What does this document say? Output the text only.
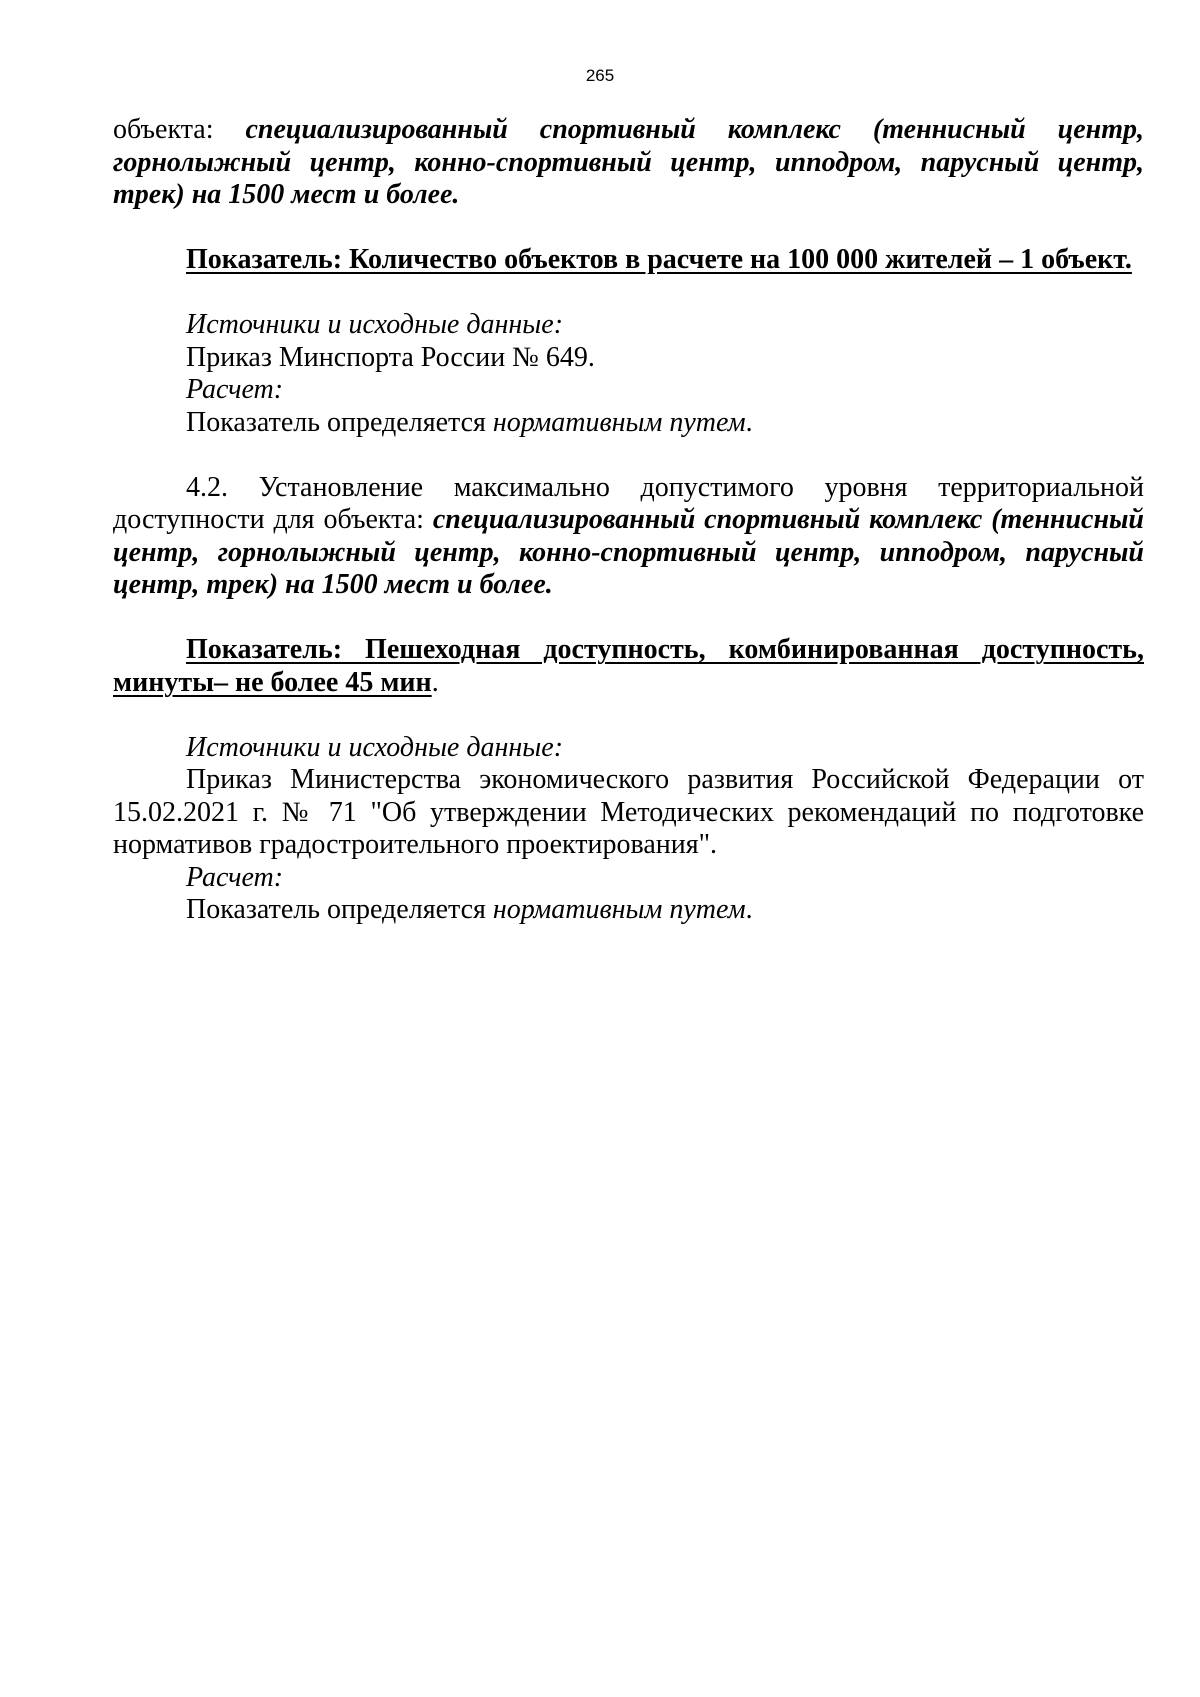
265

объекта: специализированный спортивный комплекс (теннисный центр, горнолыжный центр, конно-спортивный центр, ипподром, парусный центр, трек) на 1500 мест и более.

Показатель: Количество объектов в расчете на 100 000 жителей – 1 объект.

Источники и исходные данные:

Приказ Минспорта России № 649.

Расчет:

Показатель определяется нормативным путем.

4.2. Установление максимально допустимого уровня территориальной доступности для объекта: специализированный спортивный комплекс (теннисный центр, горнолыжный центр, конно-спортивный центр, ипподром, парусный центр, трек) на 1500 мест и более.

Показатель: Пешеходная доступность, комбинированная доступность, минуты– не более 45 мин.

Источники и исходные данные:

Приказ Министерства экономического развития Российской Федерации от 15.02.2021 г. № 71 "Об утверждении Методических рекомендаций по подготовке нормативов градостроительного проектирования".

Расчет:

Показатель определяется нормативным путем.
